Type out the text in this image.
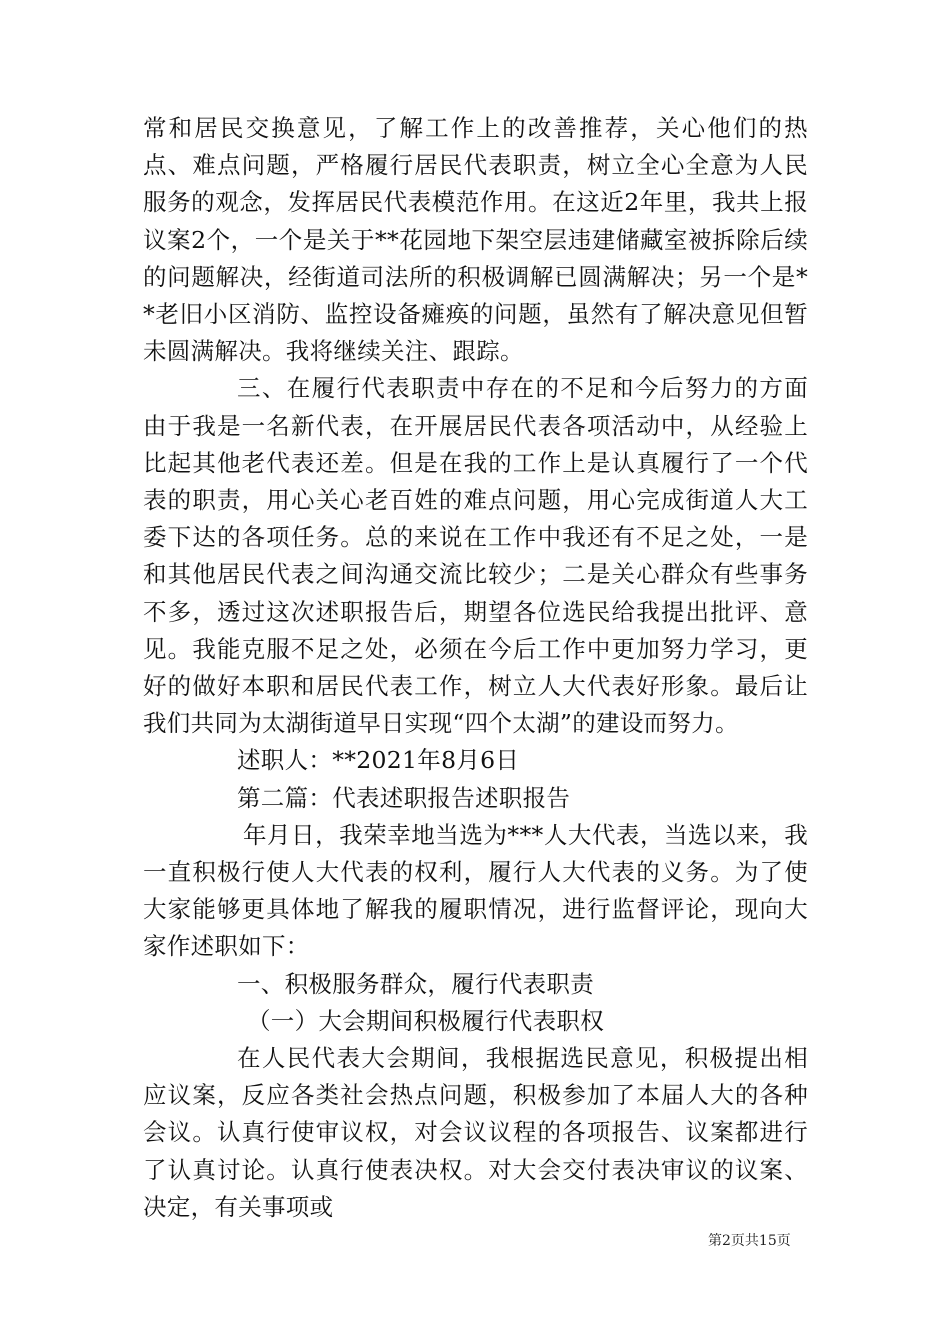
常和居民交换意见，了解工作上的改善推荐，关心他们的热点、难点问题，严格履行居民代表职责，树立全心全意为人民服务的观念，发挥居民代表模范作用。在这近2年里，我共上报议案2个，一个是关于**花园地下架空层违建储藏室被拆除后续的问题解决，经街道司法所的积极调解已圆满解决；另一个是**老旧小区消防、监控设备瘫痪的问题，虽然有了解决意见但暂未圆满解决。我将继续关注、跟踪。

三、在履行代表职责中存在的不足和今后努力的方面由于我是一名新代表，在开展居民代表各项活动中，从经验上比起其他老代表还差。但是在我的工作上是认真履行了一个代表的职责，用心关心老百姓的难点问题，用心完成街道人大工委下达的各项任务。总的来说在工作中我还有不足之处，一是和其他居民代表之间沟通交流比较少；二是关心群众有些事务不多，透过这次述职报告后，期望各位选民给我提出批评、意见。我能克服不足之处，必须在今后工作中更加努力学习，更好的做好本职和居民代表工作，树立人大代表好形象。最后让我们共同为太湖街道早日实现“四个太湖”的建设而努力。

述职人：**2021年8月6日

第二篇：代表述职报告述职报告

年月日，我荣幸地当选为***人大代表，当选以来，我一直积极行使人大代表的权利，履行人大代表的义务。为了使大家能够更具体地了解我的履职情况，进行监督评论，现向大家作述职如下：

一、积极服务群众，履行代表职责

（一）大会期间积极履行代表职权

在人民代表大会期间，我根据选民意见，积极提出相应议案，反应各类社会热点问题，积极参加了本届人大的各种会议。认真行使审议权，对会议议程的各项报告、议案都进行了认真讨论。认真行使表决权。对大会交付表决审议的议案、决定，有关事项或

第2页共15页
